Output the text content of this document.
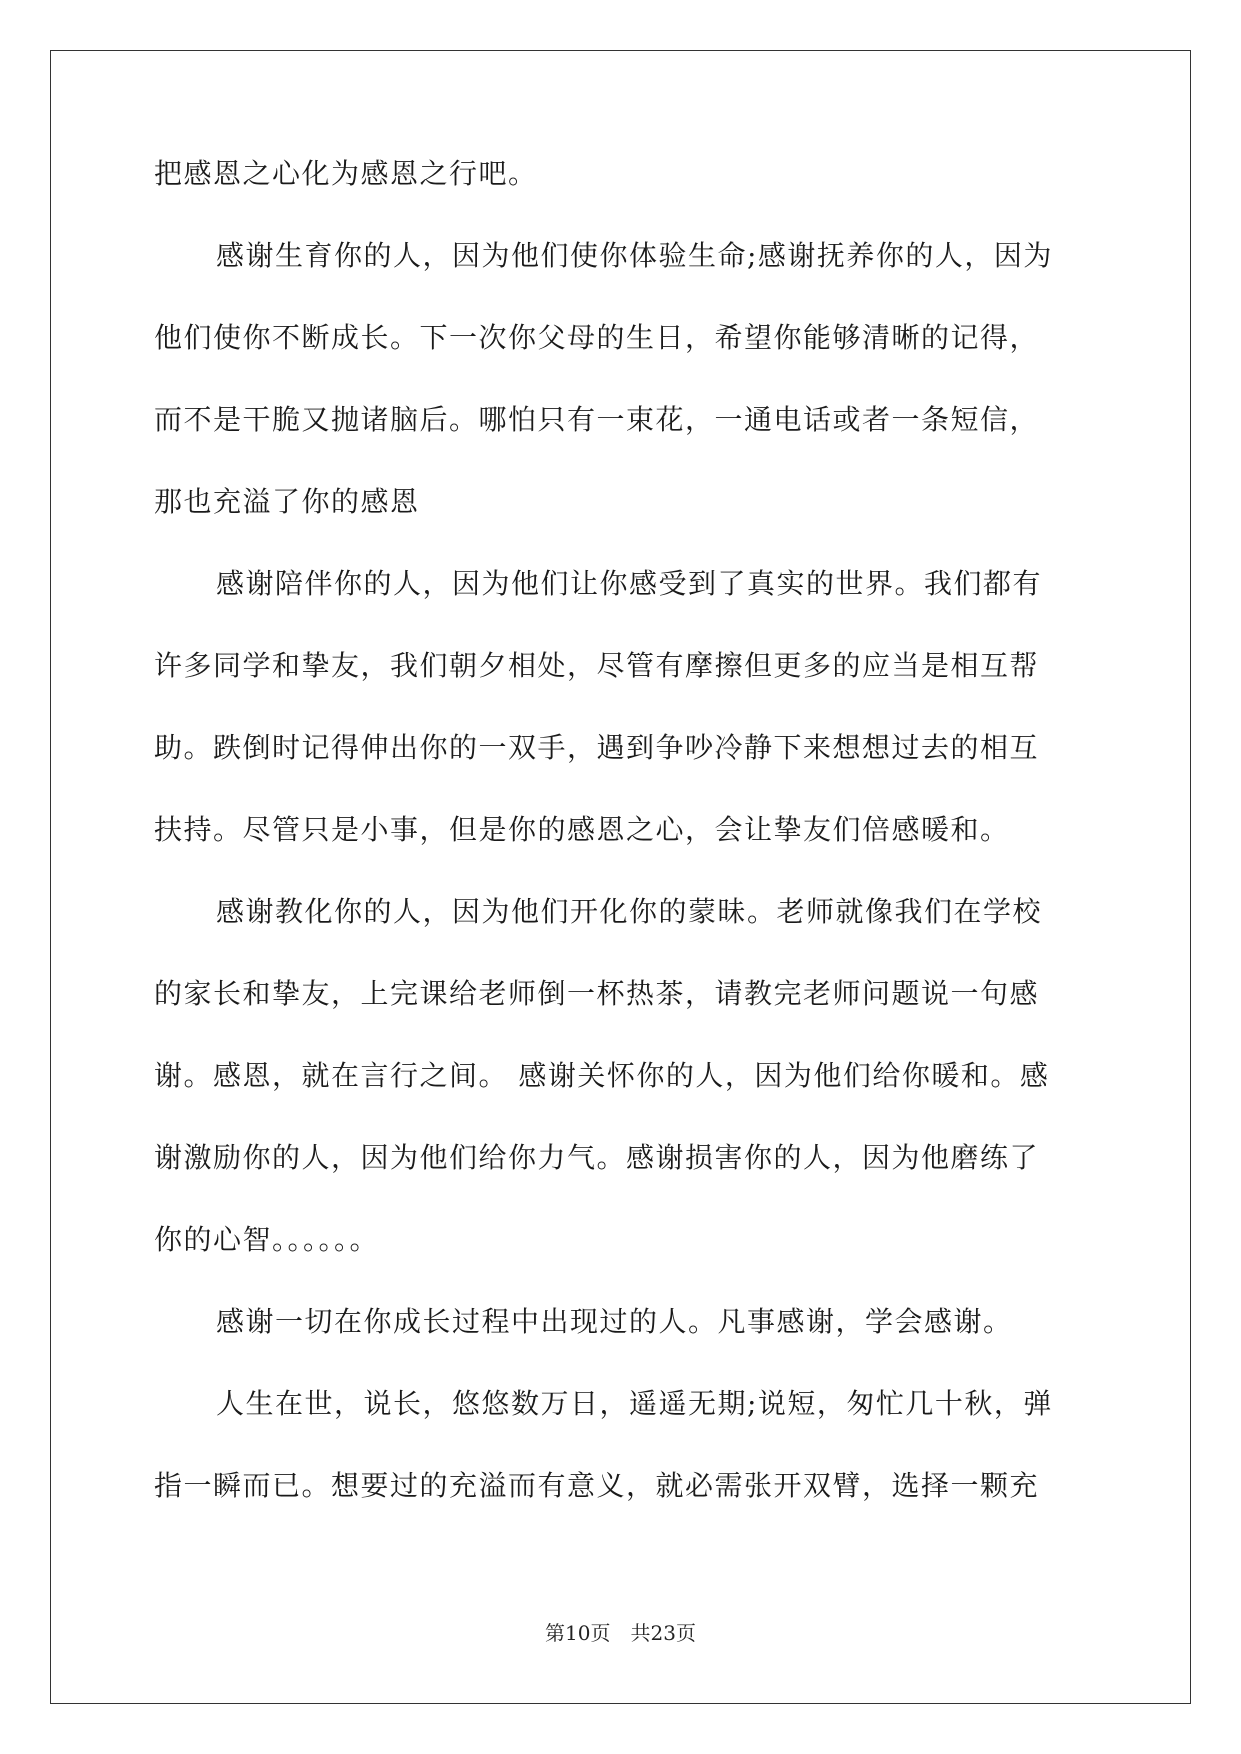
把感恩之心化为感恩之行吧。
感谢生育你的人，因为他们使你体验生命;感谢抚养你的人，因为
他们使你不断成长。下一次你父母的生日，希望你能够清晰的记得，
而不是干脆又抛诸脑后。哪怕只有一束花，一通电话或者一条短信，
那也充溢了你的感恩
感谢陪伴你的人，因为他们让你感受到了真实的世界。我们都有
许多同学和挚友，我们朝夕相处，尽管有摩擦但更多的应当是相互帮
助。跌倒时记得伸出你的一双手，遇到争吵冷静下来想想过去的相互
扶持。尽管只是小事，但是你的感恩之心，会让挚友们倍感暖和。
感谢教化你的人，因为他们开化你的蒙昧。老师就像我们在学校
的家长和挚友，上完课给老师倒一杯热茶，请教完老师问题说一句感
谢。感恩，就在言行之间。 感谢关怀你的人，因为他们给你暖和。感
谢激励你的人，因为他们给你力气。感谢损害你的人，因为他磨练了
你的心智。。。。。。
感谢一切在你成长过程中出现过的人。凡事感谢，学会感谢。
人生在世，说长，悠悠数万日，遥遥无期;说短，匆忙几十秋，弹
指一瞬而已。想要过的充溢而有意义，就必需张开双臂，选择一颗充
第10页 共23页
